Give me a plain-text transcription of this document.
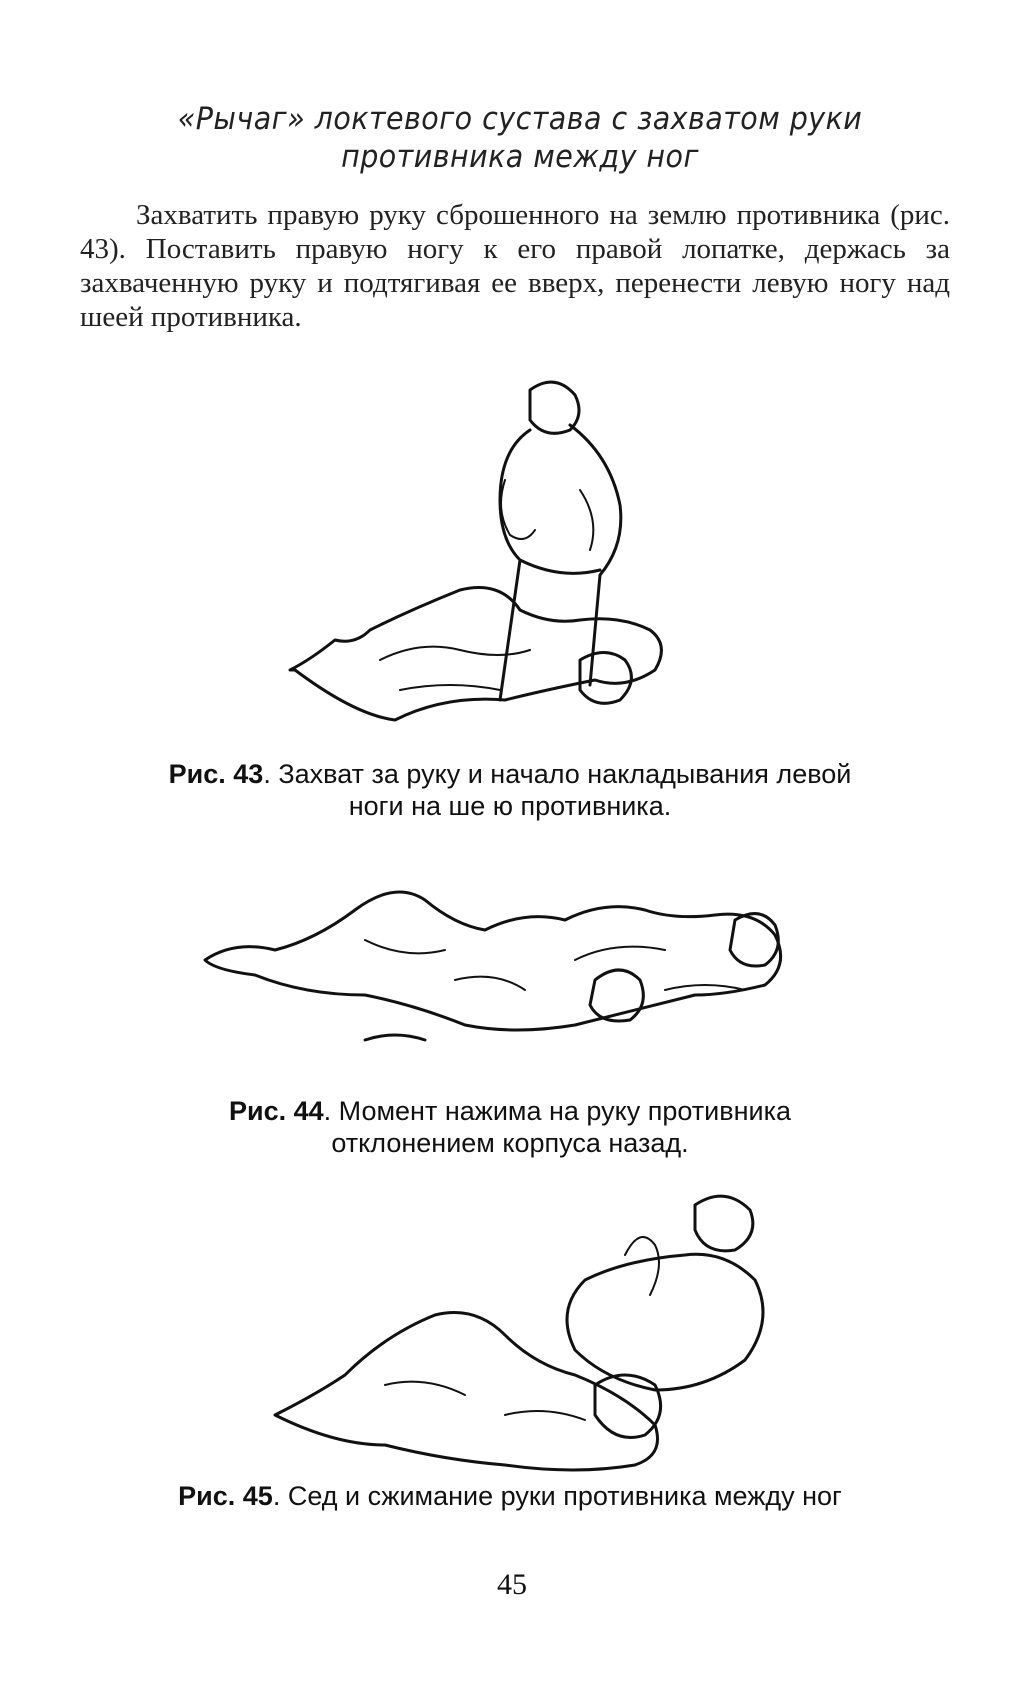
«Рычаг» локтевого сустава с захватом руки
противника между ног

Захватить правую руку сброшенного на землю противника (рис. 43). Поставить правую ногу к его правой лопатке, держась за захваченную руку и подтягивая ее вверх, перенести левую ногу над шеей противника.

Рис. 43. Захват за руку и начало накладывания левой
ноги на ше ю противника.
Рис. 44. Момент нажима на руку противника
отклонением корпуса назад.
Рис. 45. Сед и сжимание руки противника между ног
45
